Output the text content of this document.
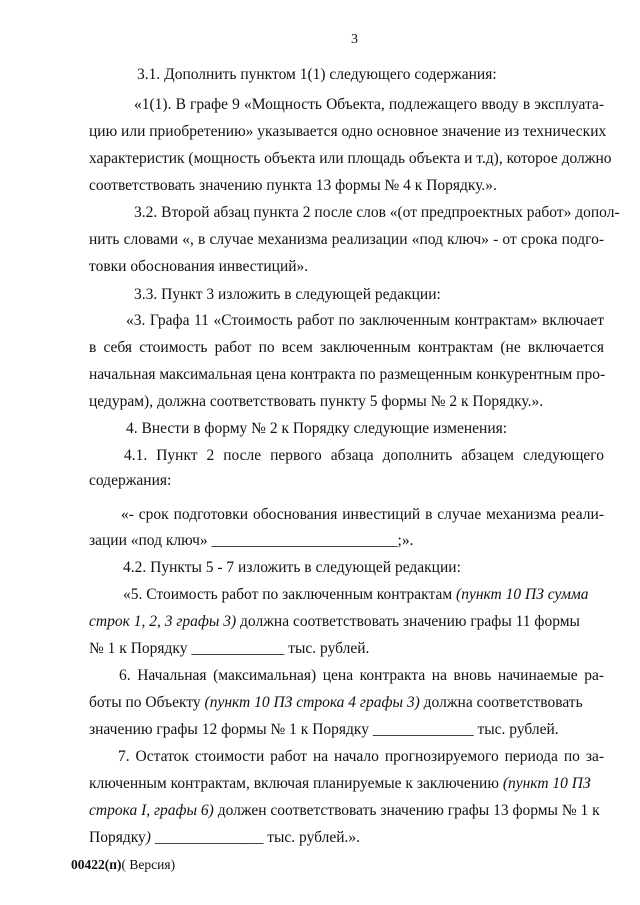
3
3.1. Дополнить пунктом 1(1) следующего содержания:
«1(1). В графе 9 «Мощность Объекта, подлежащего вводу в эксплуата-
цию или приобретению» указывается одно основное значение из технических
характеристик (мощность объекта или площадь объекта и т.д), которое должно
соответствовать значению пункта 13 формы № 4 к Порядку.».
3.2. Второй абзац пункта 2 после слов «(от предпроектных работ» допол-
нить словами «, в случае механизма реализации «под ключ» - от срока подго-
товки обоснования инвестиций».
3.3. Пункт 3 изложить в следующей редакции:
«3. Графа 11 «Стоимость работ по заключенным контрактам» включает
в себя стоимость работ по всем заключенным контрактам (не включается
начальная максимальная цена контракта по размещенным конкурентным про-
цедурам), должна соответствовать пункту 5 формы № 2 к Порядку.».
4. Внести в форму № 2 к Порядку следующие изменения:
4.1. Пункт 2 после первого абзаца дополнить абзацем следующего
содержания:
«- срок подготовки обоснования инвестиций в случае механизма реали-
зации «под ключ» ________________________;».
4.2. Пункты 5 - 7 изложить в следующей редакции:
«5. Стоимость работ по заключенным контрактам (пункт 10 ПЗ сумма
строк 1, 2, 3 графы 3) должна соответствовать значению графы 11 формы
№ 1 к Порядку ____________ тыс. рублей.
6. Начальная (максимальная) цена контракта на вновь начинаемые ра-
боты по Объекту (пункт 10 ПЗ строка 4 графы 3) должна соответствовать
значению графы 12 формы № 1 к Порядку _____________ тыс. рублей.
7. Остаток стоимости работ на начало прогнозируемого периода по за-
ключенным контрактам, включая планируемые к заключению (пункт 10 ПЗ
строка I, графы 6) должен соответствовать значению графы 13 формы № 1 к
Порядку) ______________ тыс. рублей.».
00422(п)( Версия)
